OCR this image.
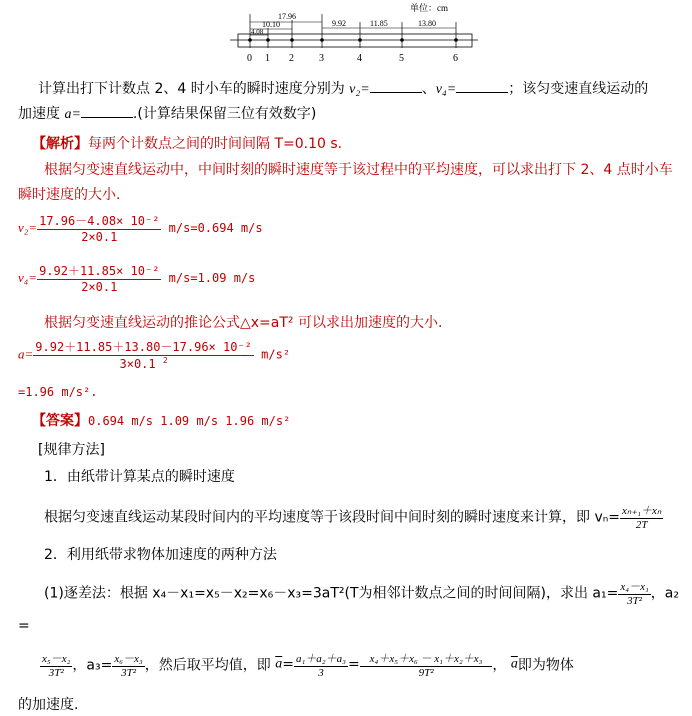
单位：cm
17.96
10.10
4.08
9.92	11.85	13.80
0 1 2	3	4	5	6
计算出打下计数点 2、4 时小车的瞬时速度分别为 v₂=	、v₄=	；该匀变速直线运动的
加速度 a=	.(计算结果保留三位有效数字)
【解析】每两个计数点之间的时间间隔 T=0.10 s.
根据匀变速直线运动中，中间时刻的瞬时速度等于该过程中的平均速度，可以求出打下 2、4 点时小车
瞬时速度的大小.
$v_2= \frac{\text{17.96－4.08× 10⁻²}}{2\times 0.1} m/s=0.694$ m/s
$v_4= \frac{\text{9.92＋11.85× 10⁻²}}{2\times 0.1} m/s=1.09$ m/s
根据匀变速直线运动的推论公式△x=aT² 可以求出加速度的大小.
$a= \frac{\text{9.92＋11.85＋13.80－17.96× 10⁻²}}{3\times 0.1 ^2} m/s^2$
=1.96 m/s².
【答案】0.694 m/s 1.09 m/s 1.96 m/s²
[规律方法]
1．由纸带计算某点的瞬时速度
根据匀变速直线运动某段时间内的平均速度等于该段时间中间时刻的瞬时速度来计算，即 $v_n= \frac{\text{xₙ₊₁＋xₙ}}{2T}$
2．利用纸带求物体加速度的两种方法
(1)逐差法：根据 x₄－x₁=x₅－x₂=x₆－x₃=3aT²(T为相邻计数点之间的时间间隔)，求出 $a_1= \frac{\text{x₄－x₁}}{\text{3T²}}$ ，a₂
=
$\frac{\text{x₅－x₂}}{\text{3T²}}$ ，$a_3= \frac{\text{x₆－x₃}}{\text{3T²}}$ ，然后取平均值，即 $\overline{a}= \frac{\text{a₁＋a₂＋a₃}}{3} = \frac{\text{x₄＋x₅＋x₆ － x₁＋x₂＋x₃}}{\text{9T²}}$ ， $\overline{a}$即为物体
的加速度.
